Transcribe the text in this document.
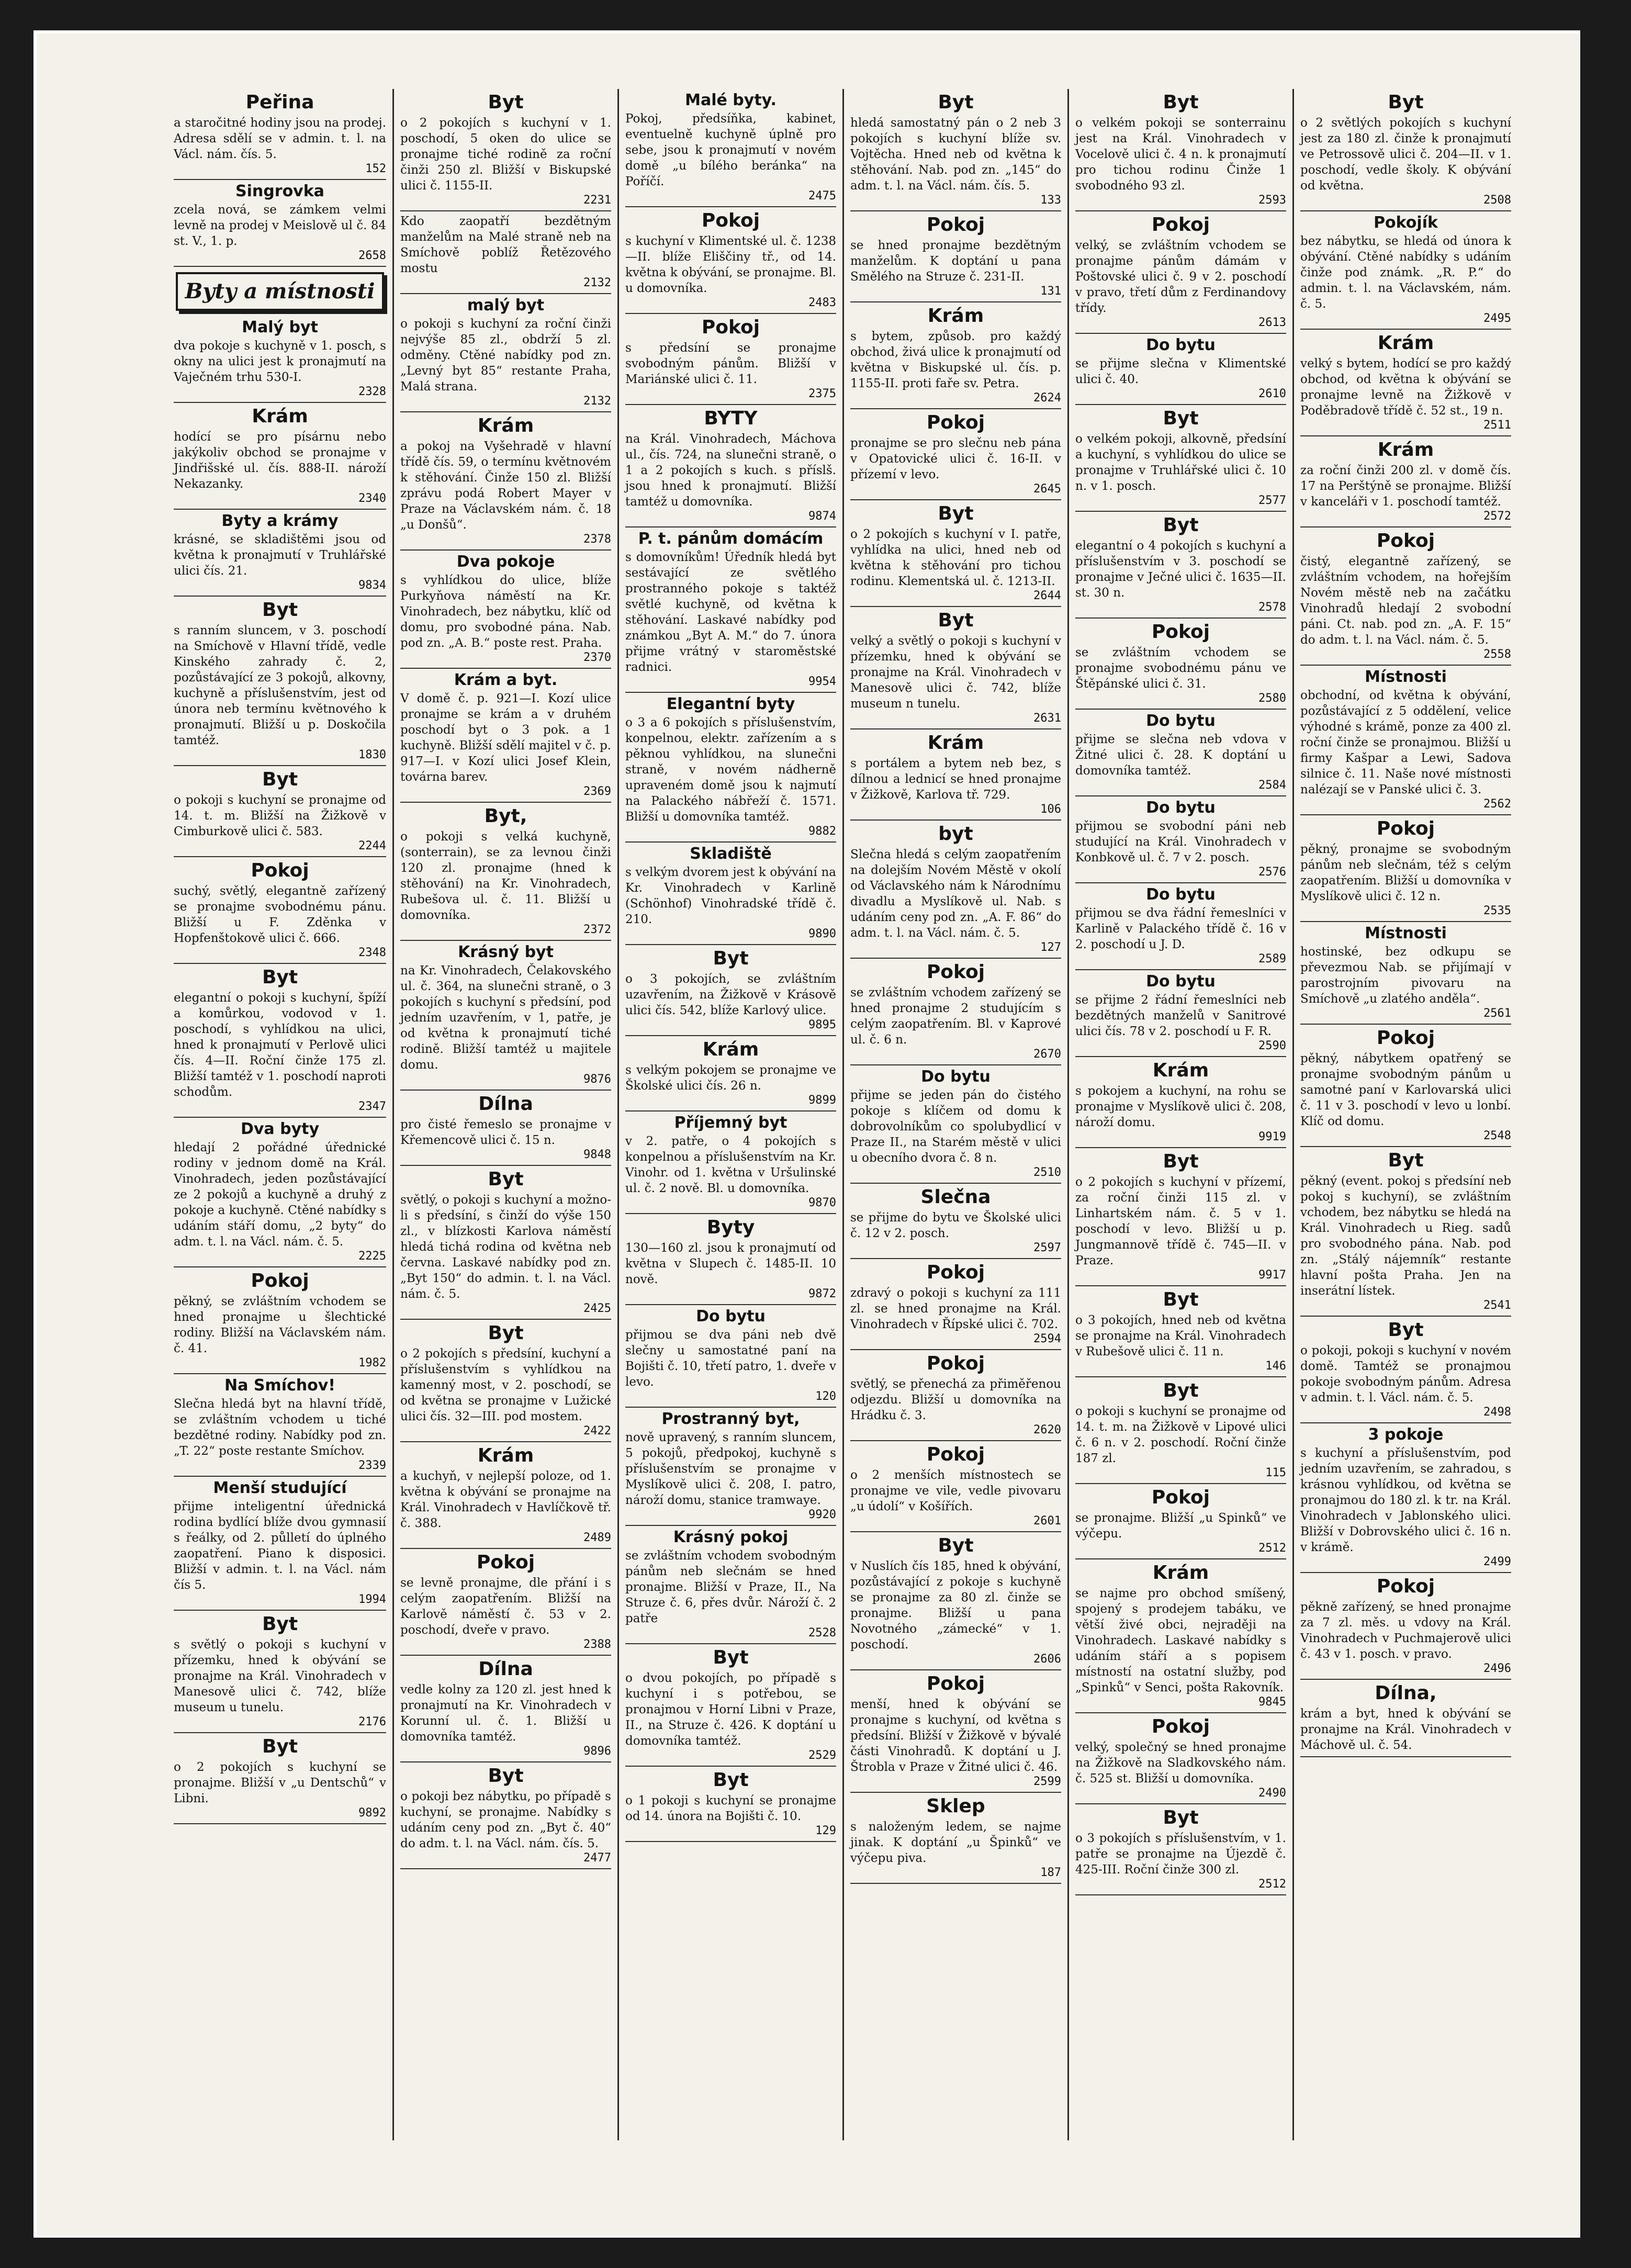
Peřina

a staročitné hodiny jsou na prodej. Adresa sdělí se v admin. t. l. na Václ. nám. čís. 5.

152
Singrovka

zcela nová, se zámkem velmi levně na prodej v Meislově ul č. 84 st. V., 1. p.

2658
Byty a místnosti
Malý byt

dva pokoje s kuchyně v 1. posch, s okny na ulici jest k pronajmutí na Vaječném trhu 530-I.

2328
Krám

hodící se pro písárnu nebo jakýkoliv obchod se pronajme v Jindřišské ul. čís. 888-II. nároží Nekazanky.

2340
Byty a krámy

krásné, se skladištěmi jsou od května k pronajmutí v Truhlářské ulici čís. 21.

9834
Byt

s ranním sluncem, v 3. poschodí na Smíchově v Hlavní třídě, vedle Kinského zahrady č. 2, pozůstávající ze 3 pokojů, alkovny, kuchyně a příslušenstvím, jest od února neb termínu květnového k pronajmutí. Bližší u p. Doskočila tamtéž.

1830
Byt

o pokoji s kuchyní se pronajme od 14. t. m. Bližší na Žižkově v Cimburkově ulici č. 583.

2244
Pokoj

suchý, světlý, elegantně zařízený se pronajme svobodnému pánu. Bližší u F. Zděnka v Hopfenštokově ulici č. 666.

2348
Byt

elegantní o pokoji s kuchyní, špíží a komůrkou, vodovod v 1. poschodí, s vyhlídkou na ulici, hned k pronajmutí v Perlově ulici čís. 4—II. Roční činže 175 zl. Bližší tamtéž v 1. poschodí naproti schodům.

2347
Dva byty

hledají 2 pořádné úřednické rodiny v jednom domě na Král. Vinohradech, jeden pozůstávající ze 2 pokojů a kuchyně a druhý z pokoje a kuchyně. Ctěné nabídky s udáním stáří domu, „2 byty“ do adm. t. l. na Václ. nám. č. 5.

2225
Pokoj

pěkný, se zvláštním vchodem se hned pronajme u šlechtické rodiny. Bližší na Václavském nám. č. 41.

1982
Na Smíchov!

Slečna hledá byt na hlavní třídě, se zvláštním vchodem u tiché bezdětné rodiny. Nabídky pod zn. „T. 22“ poste restante Smíchov.

2339
Menší studující

přijme inteligentní úřednická rodina bydlící blíže dvou gymnasií s řeálky, od 2. půlletí do úplného zaopatření. Piano k disposici. Bližší v admin. t. l. na Václ. nám čís 5.

1994
Byt

s světlý o pokoji s kuchyní v přízemku, hned k obývání se pronajme na Král. Vinohradech v Manesově ulici č. 742, blíže museum u tunelu.

2176
Byt

o 2 pokojích s kuchyní se pronajme. Bližší v „u Dentschů“ v Libni.

9892
Byt

o 2 pokojích s kuchyní v 1. poschodí, 5 oken do ulice se pronajme tiché rodině za roční činži 250 zl. Bližší v Biskupské ulici č. 1155-II.

2231

Kdo zaopatří bezdětným manželům na Malé straně neb na Smíchově poblíž Řetězového mostu

2132
malý byt

o pokoji s kuchyní za roční činži nejvýše 85 zl., obdrží 5 zl. odměny. Ctěné nabídky pod zn. „Levný byt 85“ restante Praha, Malá strana.

2132
Krám

a pokoj na Vyšehradě v hlavní třídě čís. 59, o termínu květnovém k stěhování. Činže 150 zl. Bližší zprávu podá Robert Mayer v Praze na Václavském nám. č. 18 „u Donšů“.

2378
Dva pokoje

s vyhlídkou do ulice, blíže Purkyňova náměstí na Kr. Vinohradech, bez nábytku, klíč od domu, pro svobodné pána. Nab. pod zn. „A. B.“ poste rest. Praha.

2370
Krám a byt.

V domě č. p. 921—I. Kozí ulice pronajme se krám a v druhém poschodí byt o 3 pok. a 1 kuchyně. Bližší sdělí majitel v č. p. 917—I. v Kozí ulici Josef Klein, továrna barev.

2369
Byt,

o pokoji s velká kuchyně, (sonterrain), se za levnou činži 120 zl. pronajme (hned k stěhování) na Kr. Vinohradech, Rubešova ul. č. 11. Bližší u domovníka.

2372
Krásný byt

na Kr. Vinohradech, Čelakovského ul. č. 364, na slunečni straně, o 3 pokojích s kuchyní s předsíní, pod jedním uzavřením, v 1, patře, je od května k pronajmutí tiché rodině. Bližší tamtéž u majitele domu.

9876
Dílna

pro čisté řemeslo se pronajme v Křemencově ulici č. 15 n.

9848
Byt

světlý, o pokoji s kuchyní a možno-li s předsíní, s činží do výše 150 zl., v blízkosti Karlova náměstí hledá tichá rodina od května neb června. Laskavé nabídky pod zn. „Byt 150“ do admin. t. l. na Václ. nám. č. 5.

2425
Byt

o 2 pokojích s předsíní, kuchyní a příslušenstvím s vyhlídkou na kamenný most, v 2. poschodí, se od května se pronajme v Lužické ulici čís. 32—III. pod mostem.

2422
Krám

a kuchyň, v nejlepší poloze, od 1. května k obývání se pronajme na Král. Vinohradech v Havlíčkově tř. č. 388.

2489
Pokoj

se levně pronajme, dle přání i s celým zaopatřením. Bližší na Karlově náměstí č. 53 v 2. poschodí, dveře v pravo.

2388
Dílna

vedle kolny za 120 zl. jest hned k pronajmutí na Kr. Vinohradech v Korunní ul. č. 1. Bližší u domovníka tamtéž.

9896
Byt

o pokoji bez nábytku, po případě s kuchyní, se pronajme. Nabídky s udáním ceny pod zn. „Byt č. 40“ do adm. t. l. na Václ. nám. čís. 5.

2477
Malé byty.

Pokoj, předsíňka, kabinet, eventuelně kuchyně úplně pro sebe, jsou k pronajmutí v novém domě „u bílého beránka“ na Poříčí.

2475
Pokoj

s kuchyní v Klimentské ul. č. 1238—II. blíže Eliščiny tř., od 14. května k obývání, se pronajme. Bl. u domovníka.

2483
Pokoj

s předsíní se pronajme svobodným pánům. Bližší v Mariánské ulici č. 11.

2375
BYTY

na Král. Vinohradech, Máchova ul., čís. 724, na slunečni straně, o 1 a 2 pokojích s kuch. s příslš. jsou hned k pronajmutí. Bližší tamtéž u domovníka.

9874
P. t. pánům domácím

s domovníkům! Úředník hledá byt sestávající ze světlého prostranného pokoje s taktéž světlé kuchyně, od května k stěhování. Laskavé nabídky pod známkou „Byt A. M.“ do 7. února přijme vrátný v staroměstské radnici.

9954
Elegantní byty

o 3 a 6 pokojích s příslušenstvím, konpelnou, elektr. zařízením a s pěknou vyhlídkou, na slunečni straně, v novém nádherně upraveném domě jsou k najmutí na Palackého nábřeží č. 1571. Bližší u domovníka tamtéž.

9882
Skladiště

s velkým dvorem jest k obývání na Kr. Vinohradech v Karlině (Schönhof) Vinohradské třídě č. 210.

9890
Byt

o 3 pokojích, se zvláštním uzavřením, na Žižkově v Krásově ulici čís. 542, blíže Karlový ulice.

9895
Krám

s velkým pokojem se pronajme ve Školské ulici čís. 26 n.

9899
Příjemný byt

v 2. patře, o 4 pokojích s konpelnou a příslušenstvím na Kr. Vinohr. od 1. května v Uršulinské ul. č. 2 nově. Bl. u domovníka.

9870
Byty

130—160 zl. jsou k pronajmutí od května v Slupech č. 1485-II. 10 nově.

9872
Do bytu

přijmou se dva páni neb dvě slečny u samostatné paní na Bojišti č. 10, třetí patro, 1. dveře v levo.

120
Prostranný byt,

nově upravený, s ranním sluncem, 5 pokojů, předpokoj, kuchyně s příslušenstvím se pronajme v Myslíkově ulici č. 208, I. patro, nároží domu, stanice tramwaye.

9920
Krásný pokoj

se zvláštním vchodem svobodným pánům neb slečnám se hned pronajme. Bližší v Praze, II., Na Struze č. 6, přes dvůr. Nároží č. 2 patře

2528
Byt

o dvou pokojích, po případě s kuchyní i s potřebou, se pronajmou v Horní Libni v Praze, II., na Struze č. 426. K doptání u domovníka tamtéž.

2529
Byt

o 1 pokoji s kuchyní se pronajme od 14. února na Bojišti č. 10.

129
Byt

hledá samostatný pán o 2 neb 3 pokojích s kuchyní blíže sv. Vojtěcha. Hned neb od května k stěhování. Nab. pod zn. „145“ do adm. t. l. na Václ. nám. čís. 5.

133
Pokoj

se hned pronajme bezdětným manželům. K doptání u pana Smělého na Struze č. 231-II.

131
Krám

s bytem, způsob. pro každý obchod, živá ulice k pronajmutí od května v Biskupské ul. čís. p. 1155-II. proti faře sv. Petra.

2624
Pokoj

pronajme se pro slečnu neb pána v Opatovické ulici č. 16-II. v přízemí v levo.

2645
Byt

o 2 pokojích s kuchyní v I. patře, vyhlídka na ulici, hned neb od května k stěhování pro tichou rodinu. Klementská ul. č. 1213-II.

2644
Byt

velký a světlý o pokoji s kuchyní v přízemku, hned k obývání se pronajme na Král. Vinohradech v Manesově ulici č. 742, blíže museum n tunelu.

2631
Krám

s portálem a bytem neb bez, s dílnou a lednicí se hned pronajme v Žižkově, Karlova tř. 729.

106
byt

Slečna hledá s celým zaopatřením na dolejším Novém Městě v okolí od Václavského nám k Národnímu divadlu a Myslíkově ul. Nab. s udáním ceny pod zn. „A. F. 86“ do adm. t. l. na Václ. nám. č. 5.

127
Pokoj

se zvláštním vchodem zařízený se hned pronajme 2 studujícím s celým zaopatřením. Bl. v Kaprové ul. č. 6 n.

2670
Do bytu

přijme se jeden pán do čistého pokoje s klíčem od domu k dobrovolníkům co spolubydlicí v Praze II., na Starém městě v ulici u obecního dvora č. 8 n.

2510
Slečna

se přijme do bytu ve Školské ulici č. 12 v 2. posch.

2597
Pokoj

zdravý o pokoji s kuchyní za 111 zl. se hned pronajme na Král. Vinohradech v Řípské ulici č. 702.

2594
Pokoj

světlý, se přenechá za přiměřenou odjezdu. Bližší u domovníka na Hrádku č. 3.

2620
Pokoj

o 2 menších místnostech se pronajme ve vile, vedle pivovaru „u údolí“ v Košířích.

2601
Byt

v Nuslích čís 185, hned k obývání, pozůstávající z pokoje s kuchyně se pronajme za 80 zl. činže se pronajme. Bližší u pana Novotného „zámecké“ v 1. poschodí.

2606
Pokoj

menší, hned k obývání se pronajme s kuchyní, od května s předsíní. Bližší v Žižkově v bývalé části Vinohradů. K doptání u J. Štrobla v Praze v Žitné ulici č. 46.

2599
Sklep

s naloženým ledem, se najme jinak. K doptání „u Špinků“ ve výčepu piva.

187
Byt

o velkém pokoji se sonterrainu jest na Král. Vinohradech v Vocelově ulici č. 4 n. k pronajmutí pro tichou rodinu Činže 1 svobodného 93 zl.

2593
Pokoj

velký, se zvláštním vchodem se pronajme pánům dámám v Poštovské ulici č. 9 v 2. poschodí v pravo, třetí dům z Ferdinandovy třídy.

2613
Do bytu

se přijme slečna v Klimentské ulici č. 40.

2610
Byt

o velkém pokoji, alkovně, předsíní a kuchyní, s vyhlídkou do ulice se pronajme v Truhlářské ulici č. 10 n. v 1. posch.

2577
Byt

elegantní o 4 pokojích s kuchyní a příslušenstvím v 3. poschodí se pronajme v Ječné ulici č. 1635—II. st. 30 n.

2578
Pokoj

se zvláštním vchodem se pronajme svobodnému pánu ve Štěpánské ulici č. 31.

2580
Do bytu

přijme se slečna neb vdova v Žitné ulici č. 28. K doptání u domovníka tamtéž.

2584
Do bytu

přijmou se svobodní páni neb studující na Král. Vinohradech v Konbkově ul. č. 7 v 2. posch.

2576
Do bytu

přijmou se dva řádní řemeslníci v Karlině v Palackého třídě č. 16 v 2. poschodí u J. D.

2589
Do bytu

se přijme 2 řádní řemeslníci neb bezdětných manželů v Sanitrové ulici čís. 78 v 2. poschodí u F. R.

2590
Krám

s pokojem a kuchyní, na rohu se pronajme v Myslíkově ulici č. 208, nároží domu.

9919
Byt

o 2 pokojích s kuchyní v přízemí, za roční činži 115 zl. v Linhartském nám. č. 5 v 1. poschodí v levo. Bližší u p. Jungmannově třídě č. 745—II. v Praze.

9917
Byt

o 3 pokojích, hned neb od května se pronajme na Král. Vinohradech v Rubešově ulici č. 11 n.

146
Byt

o pokoji s kuchyní se pronajme od 14. t. m. na Žižkově v Lipové ulici č. 6 n. v 2. poschodí. Roční činže 187 zl.

115
Pokoj

se pronajme. Bližší „u Spinků“ ve výčepu.

2512
Krám

se najme pro obchod smíšený, spojený s prodejem tabáku, ve větší živé obci, nejraději na Vinohradech. Laskavé nabídky s udáním stáří a s popisem místností na ostatní služby, pod „Spinků“ v Senci, pošta Rakovník.

9845
Pokoj

velký, společný se hned pronajme na Žižkově na Sladkovského nám. č. 525 st. Bližší u domovníka.

2490
Byt

o 3 pokojích s příslušenstvím, v 1. patře se pronajme na Újezdě č. 425-III. Roční činže 300 zl.

2512
Byt

o 2 světlých pokojích s kuchyní jest za 180 zl. činže k pronajmutí ve Petrossově ulici č. 204—II. v 1. poschodí, vedle školy. K obývání od května.

2508
Pokojík

bez nábytku, se hledá od února k obývání. Ctěné nabídky s udáním činže pod známk. „R. P.“ do admin. t. l. na Václavském, nám. č. 5.

2495
Krám

velký s bytem, hodící se pro každý obchod, od května k obývání se pronajme levně na Žižkově v Poděbradově třídě č. 52 st., 19 n.

2511
Krám

za roční činži 200 zl. v domě čís. 17 na Perštýně se pronajme. Bližší v kanceláři v 1. poschodí tamtéž.

2572
Pokoj

čistý, elegantně zařízený, se zvláštním vchodem, na hořejším Novém městě neb na začátku Vinohradů hledají 2 svobodní páni. Ct. nab. pod zn. „A. F. 15“ do adm. t. l. na Václ. nám. č. 5.

2558
Místnosti

obchodní, od května k obývání, pozůstávající z 5 oddělení, velice výhodné s krámě, ponze za 400 zl. roční činže se pronajmou. Bližší u firmy Kašpar a Lewi, Sadova silnice č. 11. Naše nové místnosti nalézají se v Panské ulici č. 3.

2562
Pokoj

pěkný, pronajme se svobodným pánům neb slečnám, též s celým zaopatřením. Bližší u domovníka v Myslíkově ulici č. 12 n.

2535
Místnosti

hostinské, bez odkupu se převezmou Nab. se přijímají v parostrojním pivovaru na Smíchově „u zlatého anděla“.

2561
Pokoj

pěkný, nábytkem opatřený se pronajme svobodným pánům u samotné paní v Karlovarská ulici č. 11 v 3. poschodí v levo u lonbí. Klíč od domu.

2548
Byt

pěkný (event. pokoj s předsíní neb pokoj s kuchyní), se zvláštním vchodem, bez nábytku se hledá na Král. Vinohradech u Rieg. sadů pro svobodného pána. Nab. pod zn. „Stálý nájemník“ restante hlavní pošta Praha. Jen na inserátní lístek.

2541
Byt

o pokoji, pokoji s kuchyní v novém domě. Tamtéž se pronajmou pokoje svobodným pánům. Adresa v admin. t. l. Václ. nám. č. 5.

2498
3 pokoje

s kuchyní a příslušenstvím, pod jedním uzavřením, se zahradou, s krásnou vyhlídkou, od května se pronajmou do 180 zl. k tr. na Král. Vinohradech v Jablonského ulici. Bližší v Dobrovského ulici č. 16 n. v krámě.

2499
Pokoj

pěkně zařízený, se hned pronajme za 7 zl. měs. u vdovy na Král. Vinohradech v Puchmajerově ulici č. 43 v 1. posch. v pravo.

2496
Dílna,

krám a byt, hned k obývání se pronajme na Král. Vinohradech v Máchově ul. č. 54.
